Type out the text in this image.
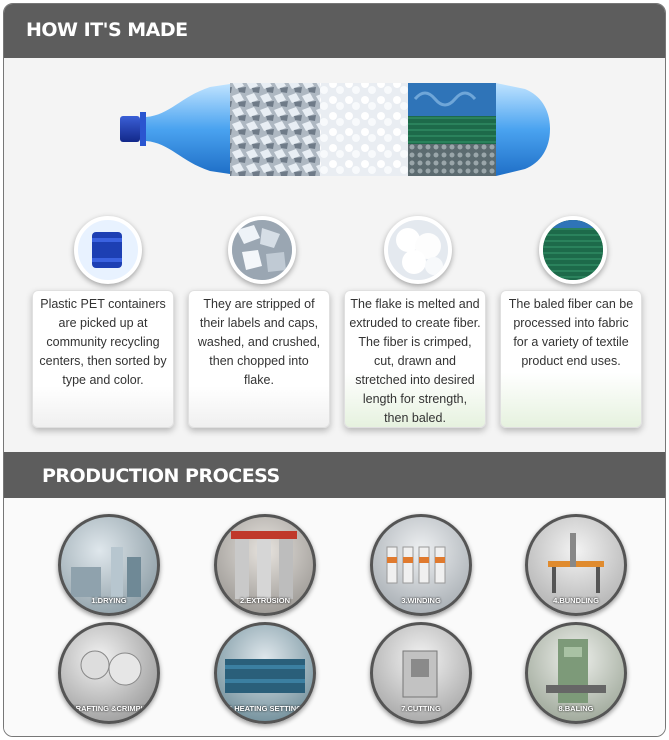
HOW IT'S MADE
Plastic PET containers are picked up at community recycling centers, then sorted by type and color.
They are stripped of their labels and caps, washed, and crushed, then chopped into flake.
The flake is melted and extruded to create fiber. The fiber is crimped, cut, drawn and stretched into desired length for strength, then baled.
The baled fiber can be processed into fabric for a variety of textile product end uses.
PRODUCTION PROCESS
1.DRYING	2.EXTRUSION	3.WINDING	4.BUNDLING
5.DRAFTING &CRIMPING	6.HEATING SETTING	7.CUTTING	8.BALING
